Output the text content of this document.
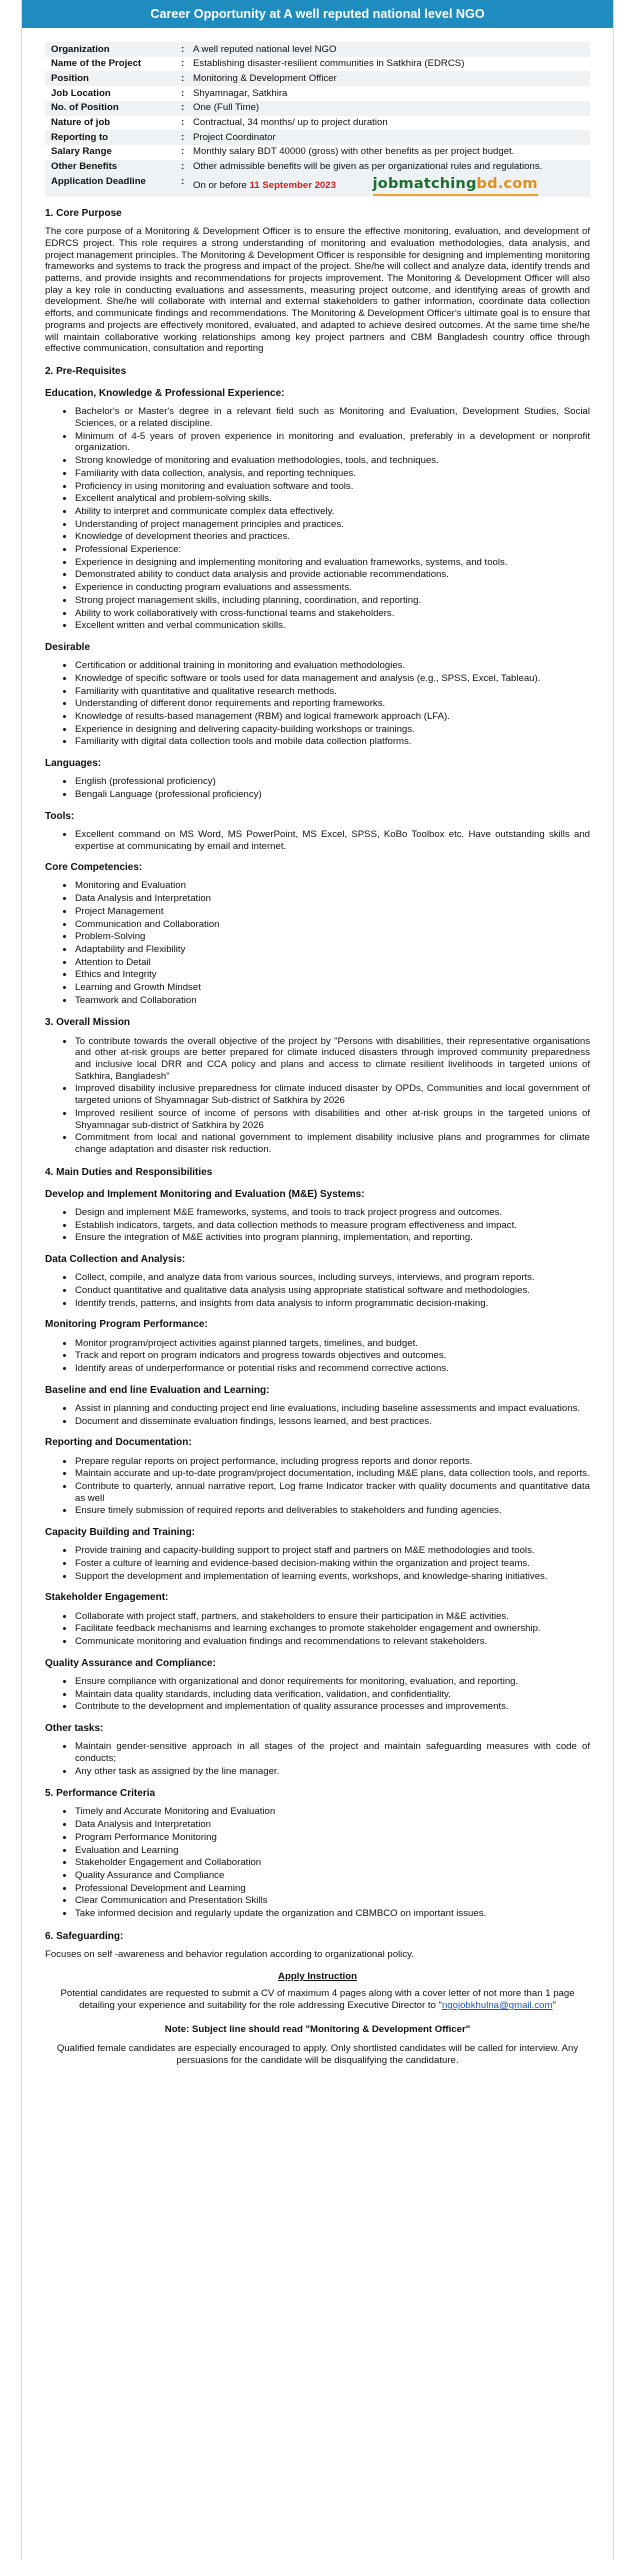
Career Opportunity at A well reputed national level NGO
Organization	:	A well reputed national level NGO
Name of the Project	:	Establishing disaster-resilient communities in Satkhira (EDRCS)
Position	:	Monitoring & Development Officer
Job Location	:	Shyamnagar, Satkhira
No. of Position	:	One (Full Time)
Nature of job	:	Contractual, 34 months/ up to project duration
Reporting to	:	Project Coordinator
Salary Range	:	Monthly salary BDT 40000 (gross) with other benefits as per project budget.
Other Benefits	:	Other admissible benefits will be given as per organizational rules and regulations.
Application Deadline	:	On or before 11 September 2023 jobmatchingbd.com
1. Core Purpose

The core purpose of a Monitoring & Development Officer is to ensure the effective monitoring, evaluation, and development of EDRCS project. This role requires a strong understanding of monitoring and evaluation methodologies, data analysis, and project management principles. The Monitoring & Development Officer is responsible for designing and implementing monitoring frameworks and systems to track the progress and impact of the project. She/he will collect and analyze data, identify trends and patterns, and provide insights and recommendations for projects improvement. The Monitoring & Development Officer will also play a key role in conducting evaluations and assessments, measuring project outcome, and identifying areas of growth and development. She/he will collaborate with internal and external stakeholders to gather information, coordinate data collection efforts, and communicate findings and recommendations. The Monitoring & Development Officer's ultimate goal is to ensure that programs and projects are effectively monitored, evaluated, and adapted to achieve desired outcomes. At the same time she/he will maintain collaborative working relationships among key project partners and CBM Bangladesh country office through effective communication, consultation and reporting

2. Pre-Requisites
Education, Knowledge & Professional Experience:
• Bachelor's or Master's degree in a relevant field such as Monitoring and Evaluation, Development Studies, Social Sciences, or a related discipline.
• Minimum of 4-5 years of proven experience in monitoring and evaluation, preferably in a development or nonprofit organization.
• Strong knowledge of monitoring and evaluation methodologies, tools, and techniques.
• Familiarity with data collection, analysis, and reporting techniques.
• Proficiency in using monitoring and evaluation software and tools.
• Excellent analytical and problem-solving skills.
• Ability to interpret and communicate complex data effectively.
• Understanding of project management principles and practices.
• Knowledge of development theories and practices.
• Professional Experience:
• Experience in designing and implementing monitoring and evaluation frameworks, systems, and tools.
• Demonstrated ability to conduct data analysis and provide actionable recommendations.
• Experience in conducting program evaluations and assessments.
• Strong project management skills, including planning, coordination, and reporting.
• Ability to work collaboratively with cross-functional teams and stakeholders.
• Excellent written and verbal communication skills.
Desirable
• Certification or additional training in monitoring and evaluation methodologies.
• Knowledge of specific software or tools used for data management and analysis (e.g., SPSS, Excel, Tableau).
• Familiarity with quantitative and qualitative research methods.
• Understanding of different donor requirements and reporting frameworks.
• Knowledge of results-based management (RBM) and logical framework approach (LFA).
• Experience in designing and delivering capacity-building workshops or trainings.
• Familiarity with digital data collection tools and mobile data collection platforms.
Languages:
• English (professional proficiency)
• Bengali Language (professional proficiency)
Tools:
• Excellent command on MS Word, MS PowerPoint, MS Excel, SPSS, KoBo Toolbox etc. Have outstanding skills and expertise at communicating by email and internet.
Core Competencies:
• Monitoring and Evaluation
• Data Analysis and Interpretation
• Project Management
• Communication and Collaboration
• Problem-Solving
• Adaptability and Flexibility
• Attention to Detail
• Ethics and Integrity
• Learning and Growth Mindset
• Teamwork and Collaboration
3. Overall Mission
• To contribute towards the overall objective of the project by "Persons with disabilities, their representative organisations and other at-risk groups are better prepared for climate induced disasters through improved community preparedness and inclusive local DRR and CCA policy and plans and access to climate resilient livelihoods in targeted unions of Satkhira, Bangladesh"
• Improved disability inclusive preparedness for climate induced disaster by OPDs, Communities and local government of targeted unions of Shyamnagar Sub-district of Satkhira by 2026
• Improved resilient source of income of persons with disabilities and other at-risk groups in the targeted unions of Shyamnagar sub-district of Satkhira by 2026
• Commitment from local and national government to implement disability inclusive plans and programmes for climate change adaptation and disaster risk reduction.
4. Main Duties and Responsibilities
Develop and Implement Monitoring and Evaluation (M&E) Systems:
• Design and implement M&E frameworks, systems, and tools to track project progress and outcomes.
• Establish indicators, targets, and data collection methods to measure program effectiveness and impact.
• Ensure the integration of M&E activities into program planning, implementation, and reporting.
Data Collection and Analysis:
• Collect, compile, and analyze data from various sources, including surveys, interviews, and program reports.
• Conduct quantitative and qualitative data analysis using appropriate statistical software and methodologies.
• Identify trends, patterns, and insights from data analysis to inform programmatic decision-making.
Monitoring Program Performance:
• Monitor program/project activities against planned targets, timelines, and budget.
• Track and report on program indicators and progress towards objectives and outcomes.
• Identify areas of underperformance or potential risks and recommend corrective actions.
Baseline and end line Evaluation and Learning:
• Assist in planning and conducting project end line evaluations, including baseline assessments and impact evaluations.
• Document and disseminate evaluation findings, lessons learned, and best practices.
Reporting and Documentation:
• Prepare regular reports on project performance, including progress reports and donor reports.
• Maintain accurate and up-to-date program/project documentation, including M&E plans, data collection tools, and reports.
• Contribute to quarterly, annual narrative report, Log frame Indicator tracker with quality documents and quantitative data as well
• Ensure timely submission of required reports and deliverables to stakeholders and funding agencies.
Capacity Building and Training:
• Provide training and capacity-building support to project staff and partners on M&E methodologies and tools.
• Foster a culture of learning and evidence-based decision-making within the organization and project teams.
• Support the development and implementation of learning events, workshops, and knowledge-sharing initiatives.
Stakeholder Engagement:
• Collaborate with project staff, partners, and stakeholders to ensure their participation in M&E activities.
• Facilitate feedback mechanisms and learning exchanges to promote stakeholder engagement and ownership.
• Communicate monitoring and evaluation findings and recommendations to relevant stakeholders.
Quality Assurance and Compliance:
• Ensure compliance with organizational and donor requirements for monitoring, evaluation, and reporting.
• Maintain data quality standards, including data verification, validation, and confidentiality.
• Contribute to the development and implementation of quality assurance processes and improvements.
Other tasks:
• Maintain gender-sensitive approach in all stages of the project and maintain safeguarding measures with code of conducts;
• Any other task as assigned by the line manager.
5. Performance Criteria
• Timely and Accurate Monitoring and Evaluation
• Data Analysis and Interpretation
• Program Performance Monitoring
• Evaluation and Learning
• Stakeholder Engagement and Collaboration
• Quality Assurance and Compliance
• Professional Development and Learning
• Clear Communication and Presentation Skills
• Take informed decision and regularly update the organization and CBMBCO on important issues.
6. Safeguarding:

Focuses on self -awareness and behavior regulation according to organizational policy.

Apply Instruction

Potential candidates are requested to submit a CV of maximum 4 pages along with a cover letter of not more than 1 page detailing your experience and suitability for the role addressing Executive Director to "ngojobkhulna@gmail.com"

Note: Subject line should read "Monitoring & Development Officer"

Qualified female candidates are especially encouraged to apply. Only shortlisted candidates will be called for interview. Any persuasions for the candidate will be disqualifying the candidature.
